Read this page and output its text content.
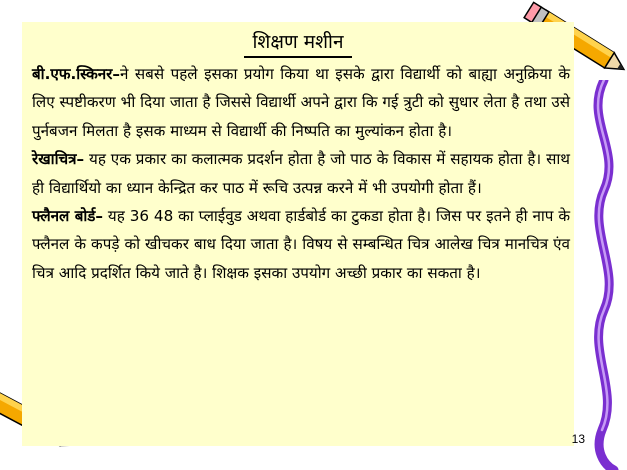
शिक्षण मशीन

बी.एफ.स्किनर–ने सबसे पहले इसका प्रयोग किया था इसके द्वारा विद्यार्थी को बाह्या अनुक्रिया के लिए स्पष्टीकरण भी दिया जाता है जिससे विद्यार्थी अपने द्वारा कि गई त्रुटी को सुधार लेता है तथा उसे पुर्नबजन मिलता है इसक माध्यम से विद्यार्थी की निष्पति का मुल्यांकन होता है।

रेखाचित्र– यह एक प्रकार का कलात्मक प्रदर्शन होता है जो पाठ के विकास में सहायक होता है। साथ ही विद्यार्थियो का ध्यान केन्द्रित कर पाठ में रूचि उत्पन्न करने में भी उपयोगी होता हैं।

फ्लैनल बोर्ड– यह 36 48 का प्लाईवुड अथवा हार्डबोर्ड का टुकडा होता है। जिस पर इतने ही नाप के फ्लैनल के कपड़े को खीचकर बाध दिया जाता है। विषय से सम्बन्धित चित्र आलेख चित्र मानचित्र एंव चित्र आदि प्रदर्शित किये जाते है। शिक्षक इसका उपयोग अच्छी प्रकार का सकता है।

13
